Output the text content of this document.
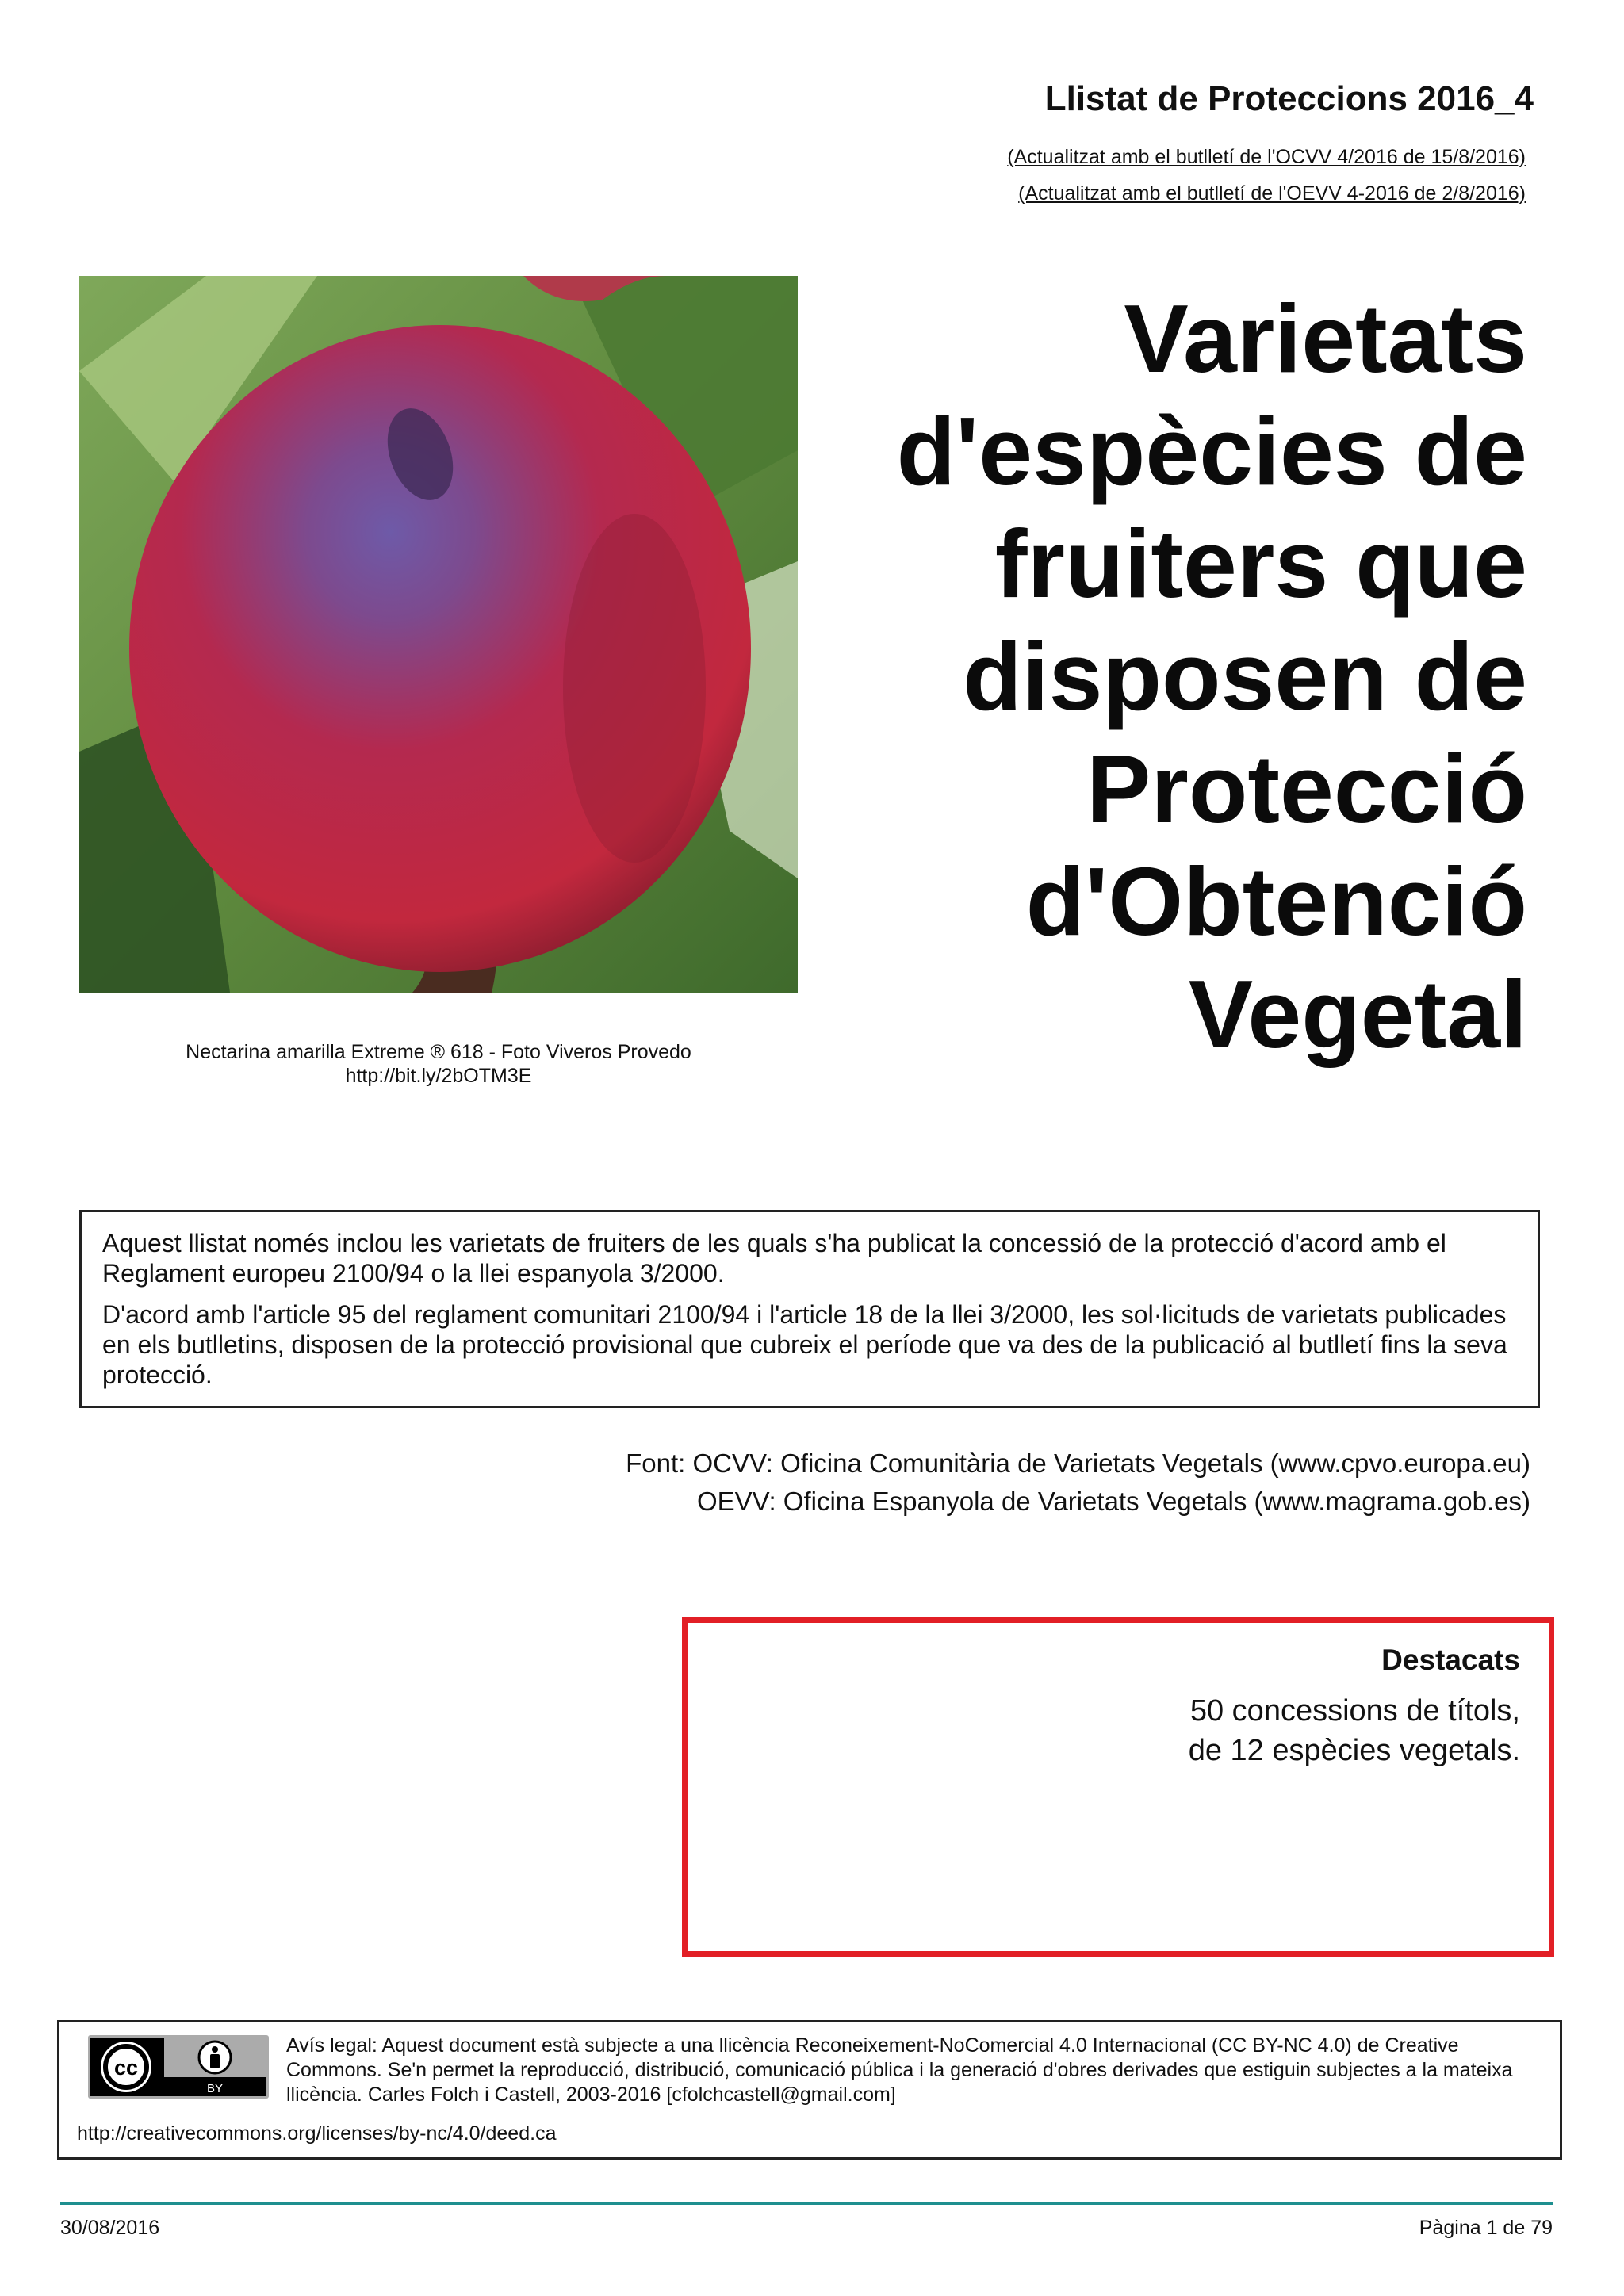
Llistat de Proteccions 2016_4
(Actualitzat amb el butlletí de l'OCVV 4/2016 de 15/8/2016)
(Actualitzat amb el butlletí de l'OEVV 4-2016 de 2/8/2016)
Nectarina amarilla Extreme ® 618 - Foto Viveros Provedo
http://bit.ly/2bOTM3E
Varietats
d'espècies de
fruiters que
disposen de
Protecció
d'Obtenció
Vegetal

Aquest llistat només inclou les varietats de fruiters de les quals s'ha publicat la concessió de la protecció d'acord amb el Reglament europeu 2100/94 o la llei espanyola 3/2000.

D'acord amb l'article 95 del reglament comunitari 2100/94 i l'article 18 de la llei 3/2000, les sol·licituds de varietats publicades en els butlletins, disposen de la protecció provisional que cubreix el període que va des de la publicació al butlletí fins la seva protecció.

Font: OCVV: Oficina Comunitària de Varietats Vegetals (www.cpvo.europa.eu)
OEVV: Oficina Espanyola de Varietats Vegetals (www.magrama.gob.es)
Destacats
50 concessions de títols,
de 12 espècies vegetals.
cc
BY
Avís legal: Aquest document està subjecte a una llicència Reconeixement-NoComercial 4.0 Internacional (CC BY-NC 4.0) de Creative Commons. Se'n permet la reproducció, distribució, comunicació pública i la generació d'obres derivades que estiguin subjectes a la mateixa llicència. Carles Folch i Castell, 2003-2016 [cfolchcastell@gmail.com]
http://creativecommons.org/licenses/by-nc/4.0/deed.ca
30/08/2016	Pàgina 1 de 79
